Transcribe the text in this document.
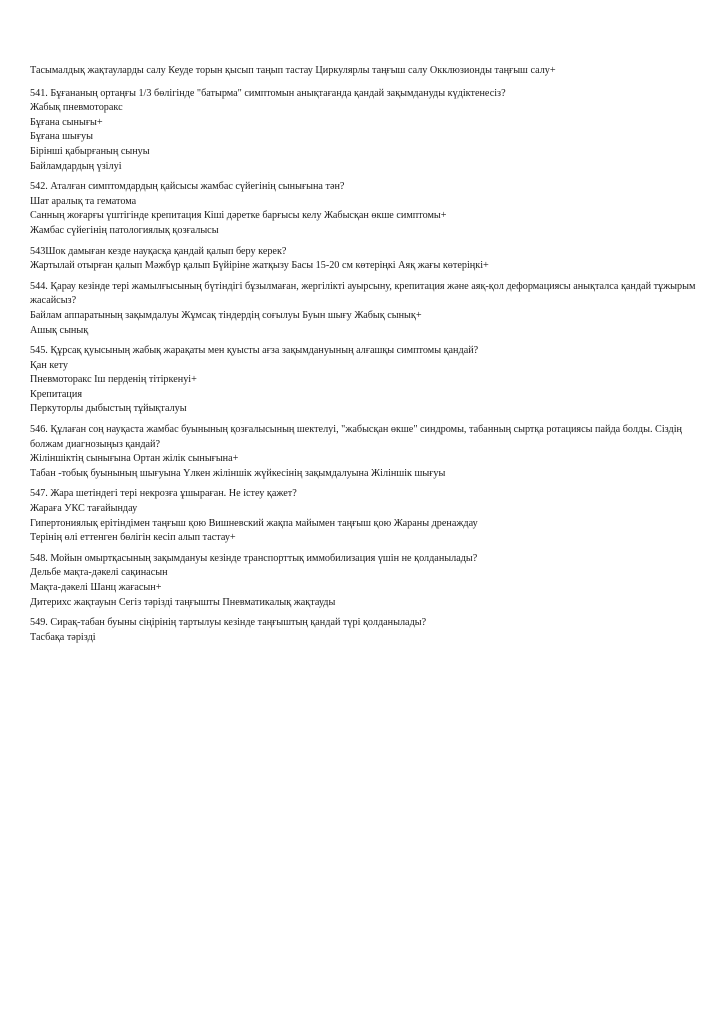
Тасымалдық жақтауларды салу Кеуде торын қысып таңып тастау Циркулярлы таңғыш салу Окклюзионды таңғыш салу+
541. Бұғананың ортаңғы 1/3 бөлігінде "батырма" симптомын анықтағанда қандай зақымдануды күдіктенесіз?
Жабық пневмоторакс
Бұғана сынығы+
Бұғана шығуы
Бірінші қабырғаның сынуы
Байламдардың үзілуі
542. Аталған симптомдардың қайсысы жамбас сүйегінің сынығына тән?
Шат аралық та гематома
Санның жоғарғы үштігінде крепитация Кіші дәретке барғысы келу Жабысқан өкше симптомы+
Жамбас сүйегінің патологиялық қозғалысы
543Шок дамыған кезде науқасқа қандай қалып беру керек?
Жартылай отырған қалып Мәжбүр қалып Бүйіріне жатқызу Басы 15-20 см көтеріңкі Аяқ жағы көтеріңкі+
544. Қарау кезінде тері жамылғысының бүтіндігі бұзылмаған, жергілікті ауырсыну, крепитация және аяқ-қол деформациясы анықталса қандай тұжырым жасайсыз?
Байлам аппаратының зақымдалуы Жұмсақ тіндердің соғылуы Буын шығу Жабық сынық+
Ашық сынық
545. Құрсақ қуысының жабық жарақаты мен қуысты ағза зақымдануының алғашқы симптомы қандай?
Қан кету
Пневмоторакс Іш перденің тітіркенуі+
Крепитация
Перкуторлы дыбыстың тұйықталуы
546. Құлаған соң науқаста жамбас буынының қозғалысының шектелуі, "жабысқан өкше" синдромы, табанның сыртқа ротациясы пайда болды. Сіздің болжам диагнозыңыз қандай?
Жіліншіктің сынығына Ортан жілік сынығына+
Табан -тобық буынының шығуына Үлкен жіліншік жүйкесінің зақымдалуына Жіліншік шығуы
547. Жара шетіндегі тері некрозға ұшыраған. Не істеу қажет?
Жараға УКС тағайындау
Гипертониялық ерітіндімен таңғыш қою Вишневский жақпа майымен таңғыш қою Жараны дренаждау
Терінің өлі еттенген бөлігін кесіп алып тастау+
548. Мойын омыртқасының зақымдануы кезінде транспорттық иммобилизация үшін не қолданылады?
Дельбе мақта-дәкелі сақинасын
Мақта-дәкелі Шанц жағасын+
Дитерихс жақтауын Сегіз тәрізді таңғышты Пневматикалық жақтауды
549. Сирақ-табан буыны сіңірінің тартылуы кезінде таңғыштың қандай түрі қолданылады?
Тасбақа тәрізді
